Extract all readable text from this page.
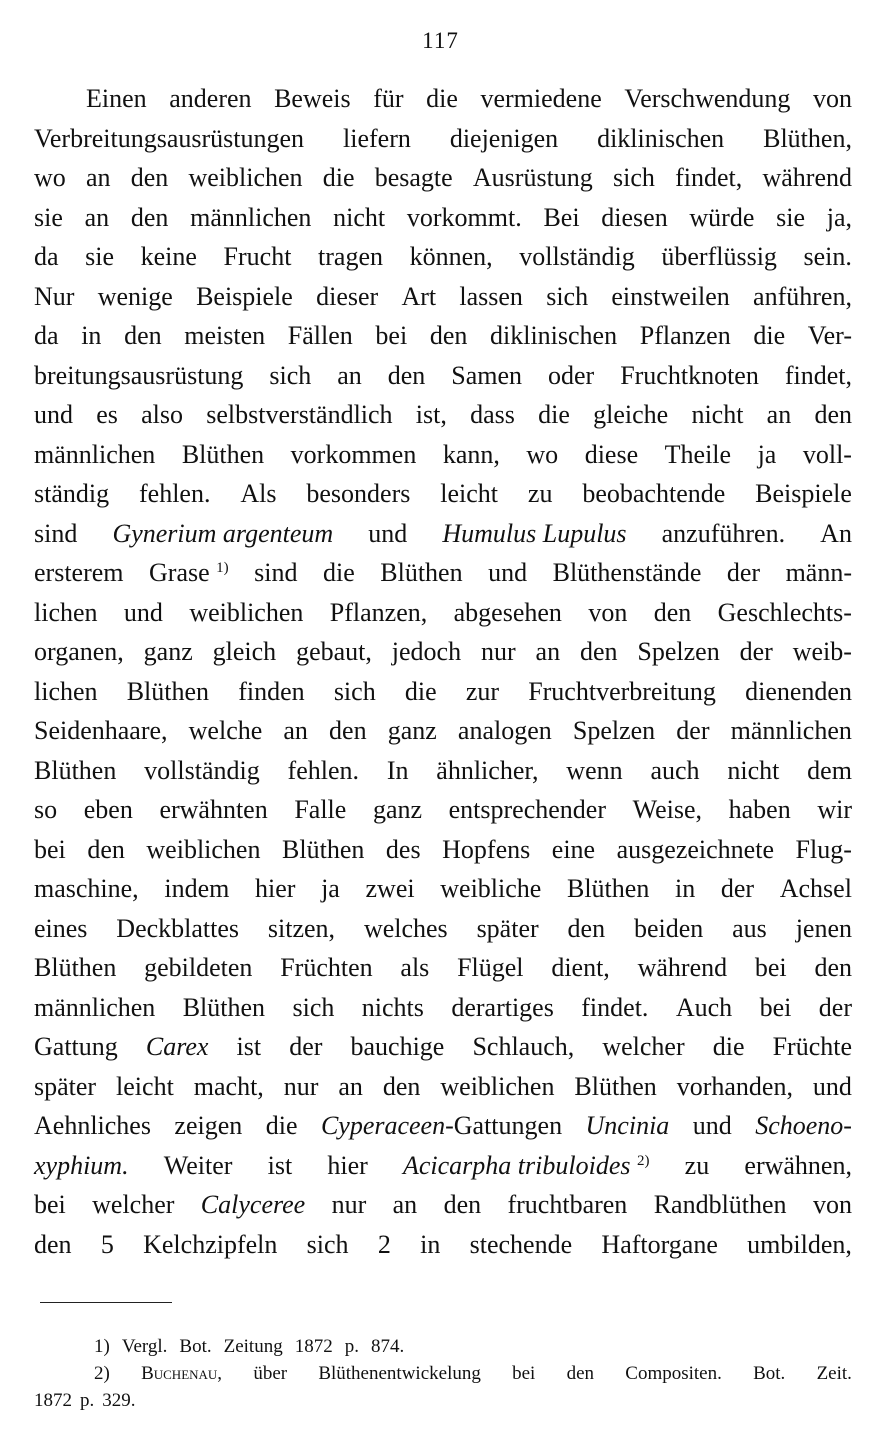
117
Einen anderen Beweis für die vermiedene Verschwendung von
Verbreitungsausrüstungen liefern diejenigen diklinischen Blüthen,
wo an den weiblichen die besagte Ausrüstung sich findet, während
sie an den männlichen nicht vorkommt. Bei diesen würde sie ja,
da sie keine Frucht tragen können, vollständig überflüssig sein.
Nur wenige Beispiele dieser Art lassen sich einstweilen anführen,
da in den meisten Fällen bei den diklinischen Pflanzen die Ver-
breitungsausrüstung sich an den Samen oder Fruchtknoten findet,
und es also selbstverständlich ist, dass die gleiche nicht an den
männlichen Blüthen vorkommen kann, wo diese Theile ja voll-
ständig fehlen. Als besonders leicht zu beobachtende Beispiele
sind Gynerium argenteum und Humulus Lupulus anzuführen. An
ersterem Grase $^{1)}$ sind die Blüthen und Blüthenstände der männ-
lichen und weiblichen Pflanzen, abgesehen von den Geschlechts-
organen, ganz gleich gebaut, jedoch nur an den Spelzen der weib-
lichen Blüthen finden sich die zur Fruchtverbreitung dienenden
Seidenhaare, welche an den ganz analogen Spelzen der männlichen
Blüthen vollständig fehlen. In ähnlicher, wenn auch nicht dem
so eben erwähnten Falle ganz entsprechender Weise, haben wir
bei den weiblichen Blüthen des Hopfens eine ausgezeichnete Flug-
maschine, indem hier ja zwei weibliche Blüthen in der Achsel
eines Deckblattes sitzen, welches später den beiden aus jenen
Blüthen gebildeten Früchten als Flügel dient, während bei den
männlichen Blüthen sich nichts derartiges findet. Auch bei der
Gattung Carex ist der bauchige Schlauch, welcher die Früchte
später leicht macht, nur an den weiblichen Blüthen vorhanden, und
Aehnliches zeigen die Cyperaceen-Gattungen Uncinia und Schoeno-
xyphium. Weiter ist hier Acicarpha tribuloides $^{2)}$ zu erwähnen,
bei welcher Calyceree nur an den fruchtbaren Randblüthen von
den 5 Kelchzipfeln sich 2 in stechende Haftorgane umbilden,
1) Vergl. Bot. Zeitung 1872 p. 874.
2) Buchenau, über Blüthenentwickelung bei den Compositen. Bot. Zeit.
1872 p. 329.
